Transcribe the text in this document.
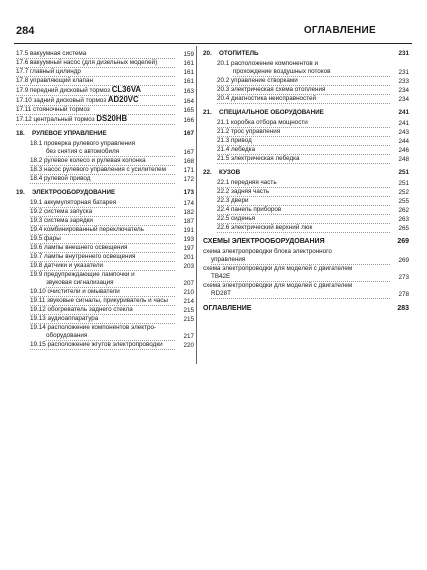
284	ОГЛАВЛЕНИЕ
17.5 вакуумная система	159
17.6 вакуумный насос (для дизельных моделей)	161
17.7 главный цилиндр	161
17.8 управляющий клапан	161
17.9 передний дисковый тормоз CL36VA	163
17.10 задний дисковый тормоз AD20VC	164
17.11 стояночный тормоз	165
17.12 центральный тормоз DS20HB	166
18.	РУЛЕВОЕ УПРАВЛЕНИЕ	167
18.1 проверка рулевого управления
без снятия с автомобиля	167
18.2 рулевое колесо и рулевая колонка	168
18.3 насос рулевого управления с усилителем	171
18.4 рулевой привод	172
19.	ЭЛЕКТРООБОРУДОВАНИЕ	173
19.1 аккумуляторная батарея	174
19.2 система запуска	182
19.3 система зарядки	187
19.4 комбинированный переключатель	191
19.5 фары	193
19.6 лампы внешнего освещения	197
19.7 лампы внутреннего освещения	201
19.8 датчики и указатели	203
19.9 предупреждающие лампочки и
звуковая сигнализация	207
19.10 очистители и омыватели	210
19.11 звуковые сигналы, прикуриватель и часы	214
19.12 обогреватель заднего стекла	215
19.13 аудиоаппаратура	215
19.14 расположение компонентов электро-
оборудования	217
19.15 расположение жгутов электропроводки	220
20.	ОТОПИТЕЛЬ	231
20.1 расположение компонентов и
прохождение воздушных потоков	231
20.2 управление створками	233
20.3 электрическая схема отопления	234
20.4 диагностика неисправностей	234
21.	СПЕЦИАЛЬНОЕ ОБОРУДОВАНИЕ	241
21.1 коробка отбора мощности	241
21.2 трос управления	243
21.3 привод	244
21.4 лебедка	246
21.5 электрическая лебедка	248
22.	КУЗОВ	251
22.1 передняя часть	251
22.2 задняя часть	252
22.3 двери	255
22.4 панель приборов	262
22.5 сиденья	263
22.6 электрический верхний люк	265
СХЕМЫ ЭЛЕКТРООБОРУДОВАНИЯ	269
схема электропроводки блока электронного
управления	269
схема электропроводки для моделей с двигателем
TB42E	273
схема электропроводки для моделей с двигателем
RD28T	278
ОГЛАВЛЕНИЕ	283
